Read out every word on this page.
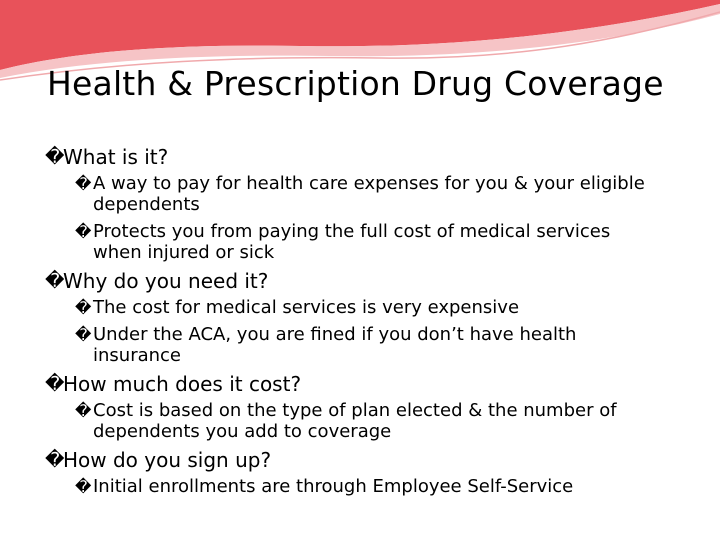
Health & Prescription Drug Coverage
�
What is it?
� A way to pay for health care expenses for you & your eligible dependents
� Protects you from paying the full cost of medical services when injured or sick
�
Why do you need it?
� The cost for medical services is very expensive
� Under the ACA, you are fined if you don’t have health insurance
�
How much does it cost?
� Cost is based on the type of plan elected & the number of dependents you add to coverage
�
How do you sign up?
� Initial enrollments are through Employee Self-Service
